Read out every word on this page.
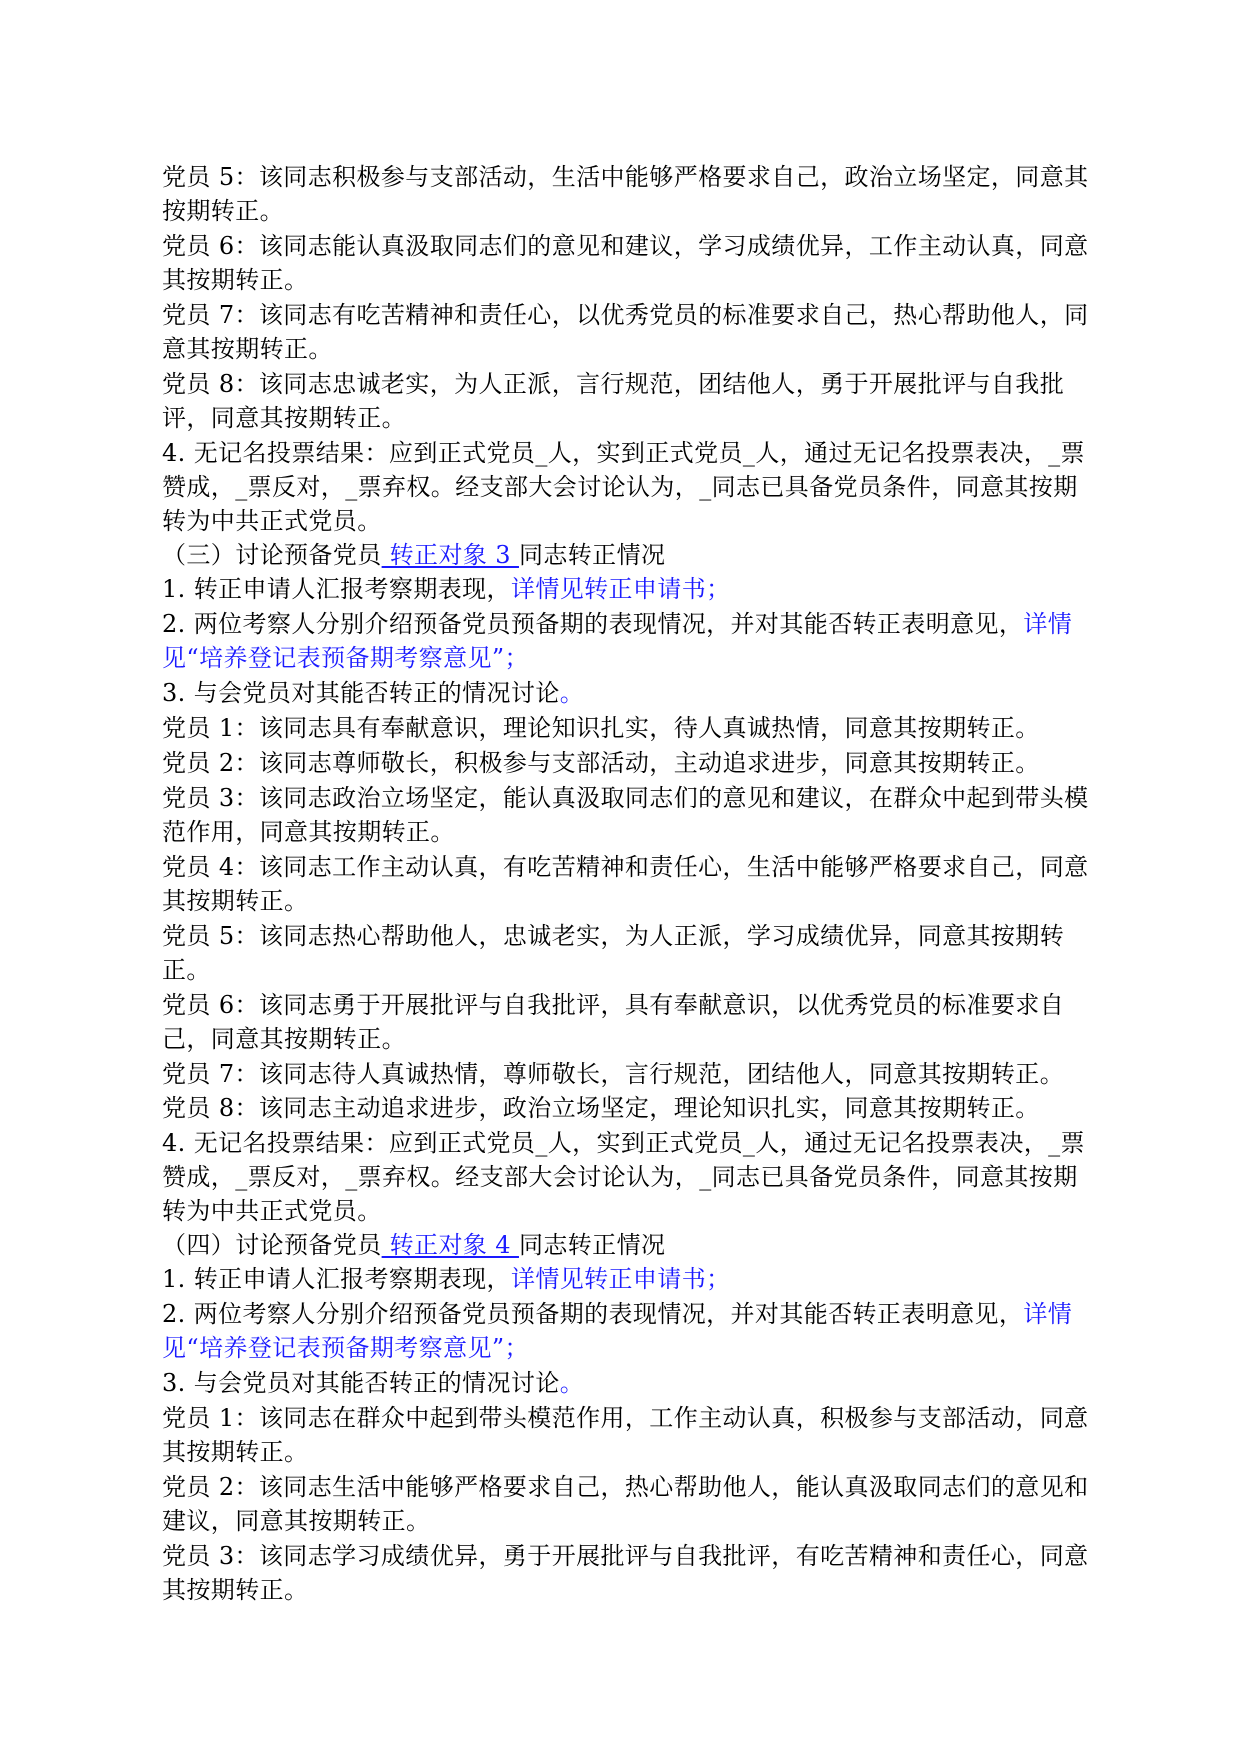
党员 5：该同志积极参与支部活动，生活中能够严格要求自己，政治立场坚定，同意其按期转正。

党员 6：该同志能认真汲取同志们的意见和建议，学习成绩优异，工作主动认真，同意其按期转正。

党员 7：该同志有吃苦精神和责任心，以优秀党员的标准要求自己，热心帮助他人，同意其按期转正。

党员 8：该同志忠诚老实，为人正派，言行规范，团结他人，勇于开展批评与自我批评，同意其按期转正。

4. 无记名投票结果：应到正式党员_人，实到正式党员_人，通过无记名投票表决，_票赞成，_票反对，_票弃权。经支部大会讨论认为，_同志已具备党员条件，同意其按期转为中共正式党员。

（三）讨论预备党员 转正对象 3 同志转正情况

1. 转正申请人汇报考察期表现，详情见转正申请书；

2. 两位考察人分别介绍预备党员预备期的表现情况，并对其能否转正表明意见，详情见“培养登记表预备期考察意见”；

3. 与会党员对其能否转正的情况讨论。

党员 1：该同志具有奉献意识，理论知识扎实，待人真诚热情，同意其按期转正。

党员 2：该同志尊师敬长，积极参与支部活动，主动追求进步，同意其按期转正。

党员 3：该同志政治立场坚定，能认真汲取同志们的意见和建议，在群众中起到带头模范作用，同意其按期转正。

党员 4：该同志工作主动认真，有吃苦精神和责任心，生活中能够严格要求自己，同意其按期转正。

党员 5：该同志热心帮助他人，忠诚老实，为人正派，学习成绩优异，同意其按期转正。

党员 6：该同志勇于开展批评与自我批评，具有奉献意识，以优秀党员的标准要求自己，同意其按期转正。

党员 7：该同志待人真诚热情，尊师敬长，言行规范，团结他人，同意其按期转正。

党员 8：该同志主动追求进步，政治立场坚定，理论知识扎实，同意其按期转正。

4. 无记名投票结果：应到正式党员_人，实到正式党员_人，通过无记名投票表决，_票赞成，_票反对，_票弃权。经支部大会讨论认为，_同志已具备党员条件，同意其按期转为中共正式党员。

（四）讨论预备党员 转正对象 4 同志转正情况

1. 转正申请人汇报考察期表现，详情见转正申请书；

2. 两位考察人分别介绍预备党员预备期的表现情况，并对其能否转正表明意见，详情见“培养登记表预备期考察意见”；

3. 与会党员对其能否转正的情况讨论。

党员 1：该同志在群众中起到带头模范作用，工作主动认真，积极参与支部活动，同意其按期转正。

党员 2：该同志生活中能够严格要求自己，热心帮助他人，能认真汲取同志们的意见和建议，同意其按期转正。

党员 3：该同志学习成绩优异，勇于开展批评与自我批评，有吃苦精神和责任心，同意其按期转正。
